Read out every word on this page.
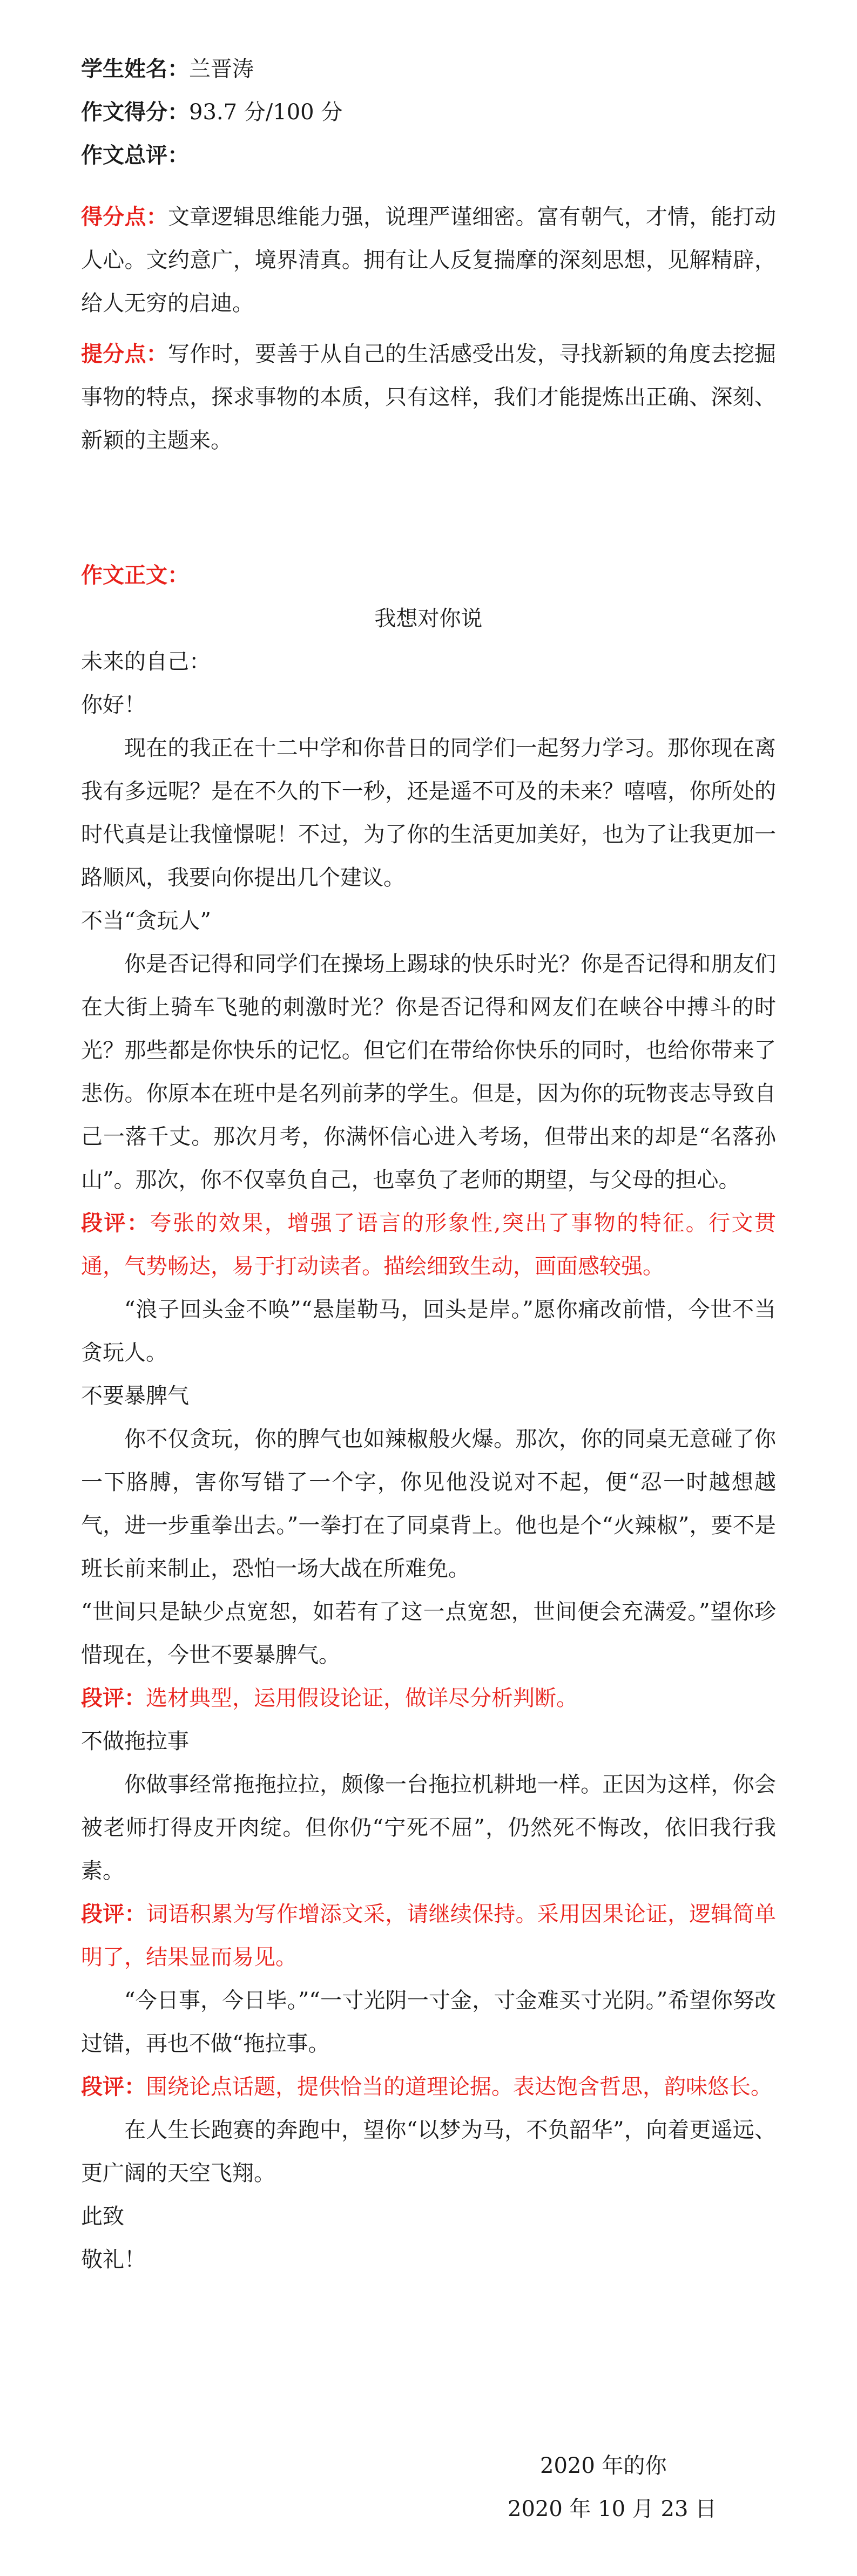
学生姓名：兰晋涛

作文得分：93.7 分/100 分

作文总评：

得分点：文章逻辑思维能力强，说理严谨细密。富有朝气，才情，能打动人心。文约意广，境界清真。拥有让人反复揣摩的深刻思想，见解精辟，给人无穷的启迪。

提分点：写作时，要善于从自己的生活感受出发，寻找新颖的角度去挖掘事物的特点，探求事物的本质，只有这样，我们才能提炼出正确、深刻、新颖的主题来。

作文正文：

我想对你说

未来的自己：

你好！

现在的我正在十二中学和你昔日的同学们一起努力学习。那你现在离我有多远呢？是在不久的下一秒，还是遥不可及的未来？嘻嘻，你所处的时代真是让我憧憬呢！不过，为了你的生活更加美好，也为了让我更加一路顺风，我要向你提出几个建议。

不当“贪玩人”

你是否记得和同学们在操场上踢球的快乐时光？你是否记得和朋友们在大街上骑车飞驰的刺激时光？你是否记得和网友们在峡谷中搏斗的时光？那些都是你快乐的记忆。但它们在带给你快乐的同时，也给你带来了悲伤。你原本在班中是名列前茅的学生。但是，因为你的玩物丧志导致自己一落千丈。那次月考，你满怀信心进入考场，但带出来的却是“名落孙山”。那次，你不仅辜负自己，也辜负了老师的期望，与父母的担心。

段评：夸张的效果，增强了语言的形象性,突出了事物的特征。行文贯通，气势畅达，易于打动读者。描绘细致生动，画面感较强。

“浪子回头金不唤”“悬崖勒马，回头是岸。”愿你痛改前惜，今世不当贪玩人。

不要暴脾气

你不仅贪玩，你的脾气也如辣椒般火爆。那次，你的同桌无意碰了你一下胳膊，害你写错了一个字，你见他没说对不起，便“忍一时越想越气，进一步重拳出去。”一拳打在了同桌背上。他也是个“火辣椒”，要不是班长前来制止，恐怕一场大战在所难免。

“世间只是缺少点宽恕，如若有了这一点宽恕，世间便会充满爱。”望你珍惜现在，今世不要暴脾气。

段评：选材典型，运用假设论证，做详尽分析判断。

不做拖拉事

你做事经常拖拖拉拉，颇像一台拖拉机耕地一样。正因为这样，你会被老师打得皮开肉绽。但你仍“宁死不屈”，仍然死不悔改，依旧我行我素。

段评：词语积累为写作增添文采，请继续保持。采用因果论证，逻辑简单明了，结果显而易见。

“今日事，今日毕。”“一寸光阴一寸金，寸金难买寸光阴。”希望你努改过错，再也不做“拖拉事。

段评：围绕论点话题，提供恰当的道理论据。表达饱含哲思，韵味悠长。

在人生长跑赛的奔跑中，望你“以梦为马，不负韶华”，向着更遥远、更广阔的天空飞翔。

此致

敬礼！

2020 年的你

2020 年 10 月 23 日
